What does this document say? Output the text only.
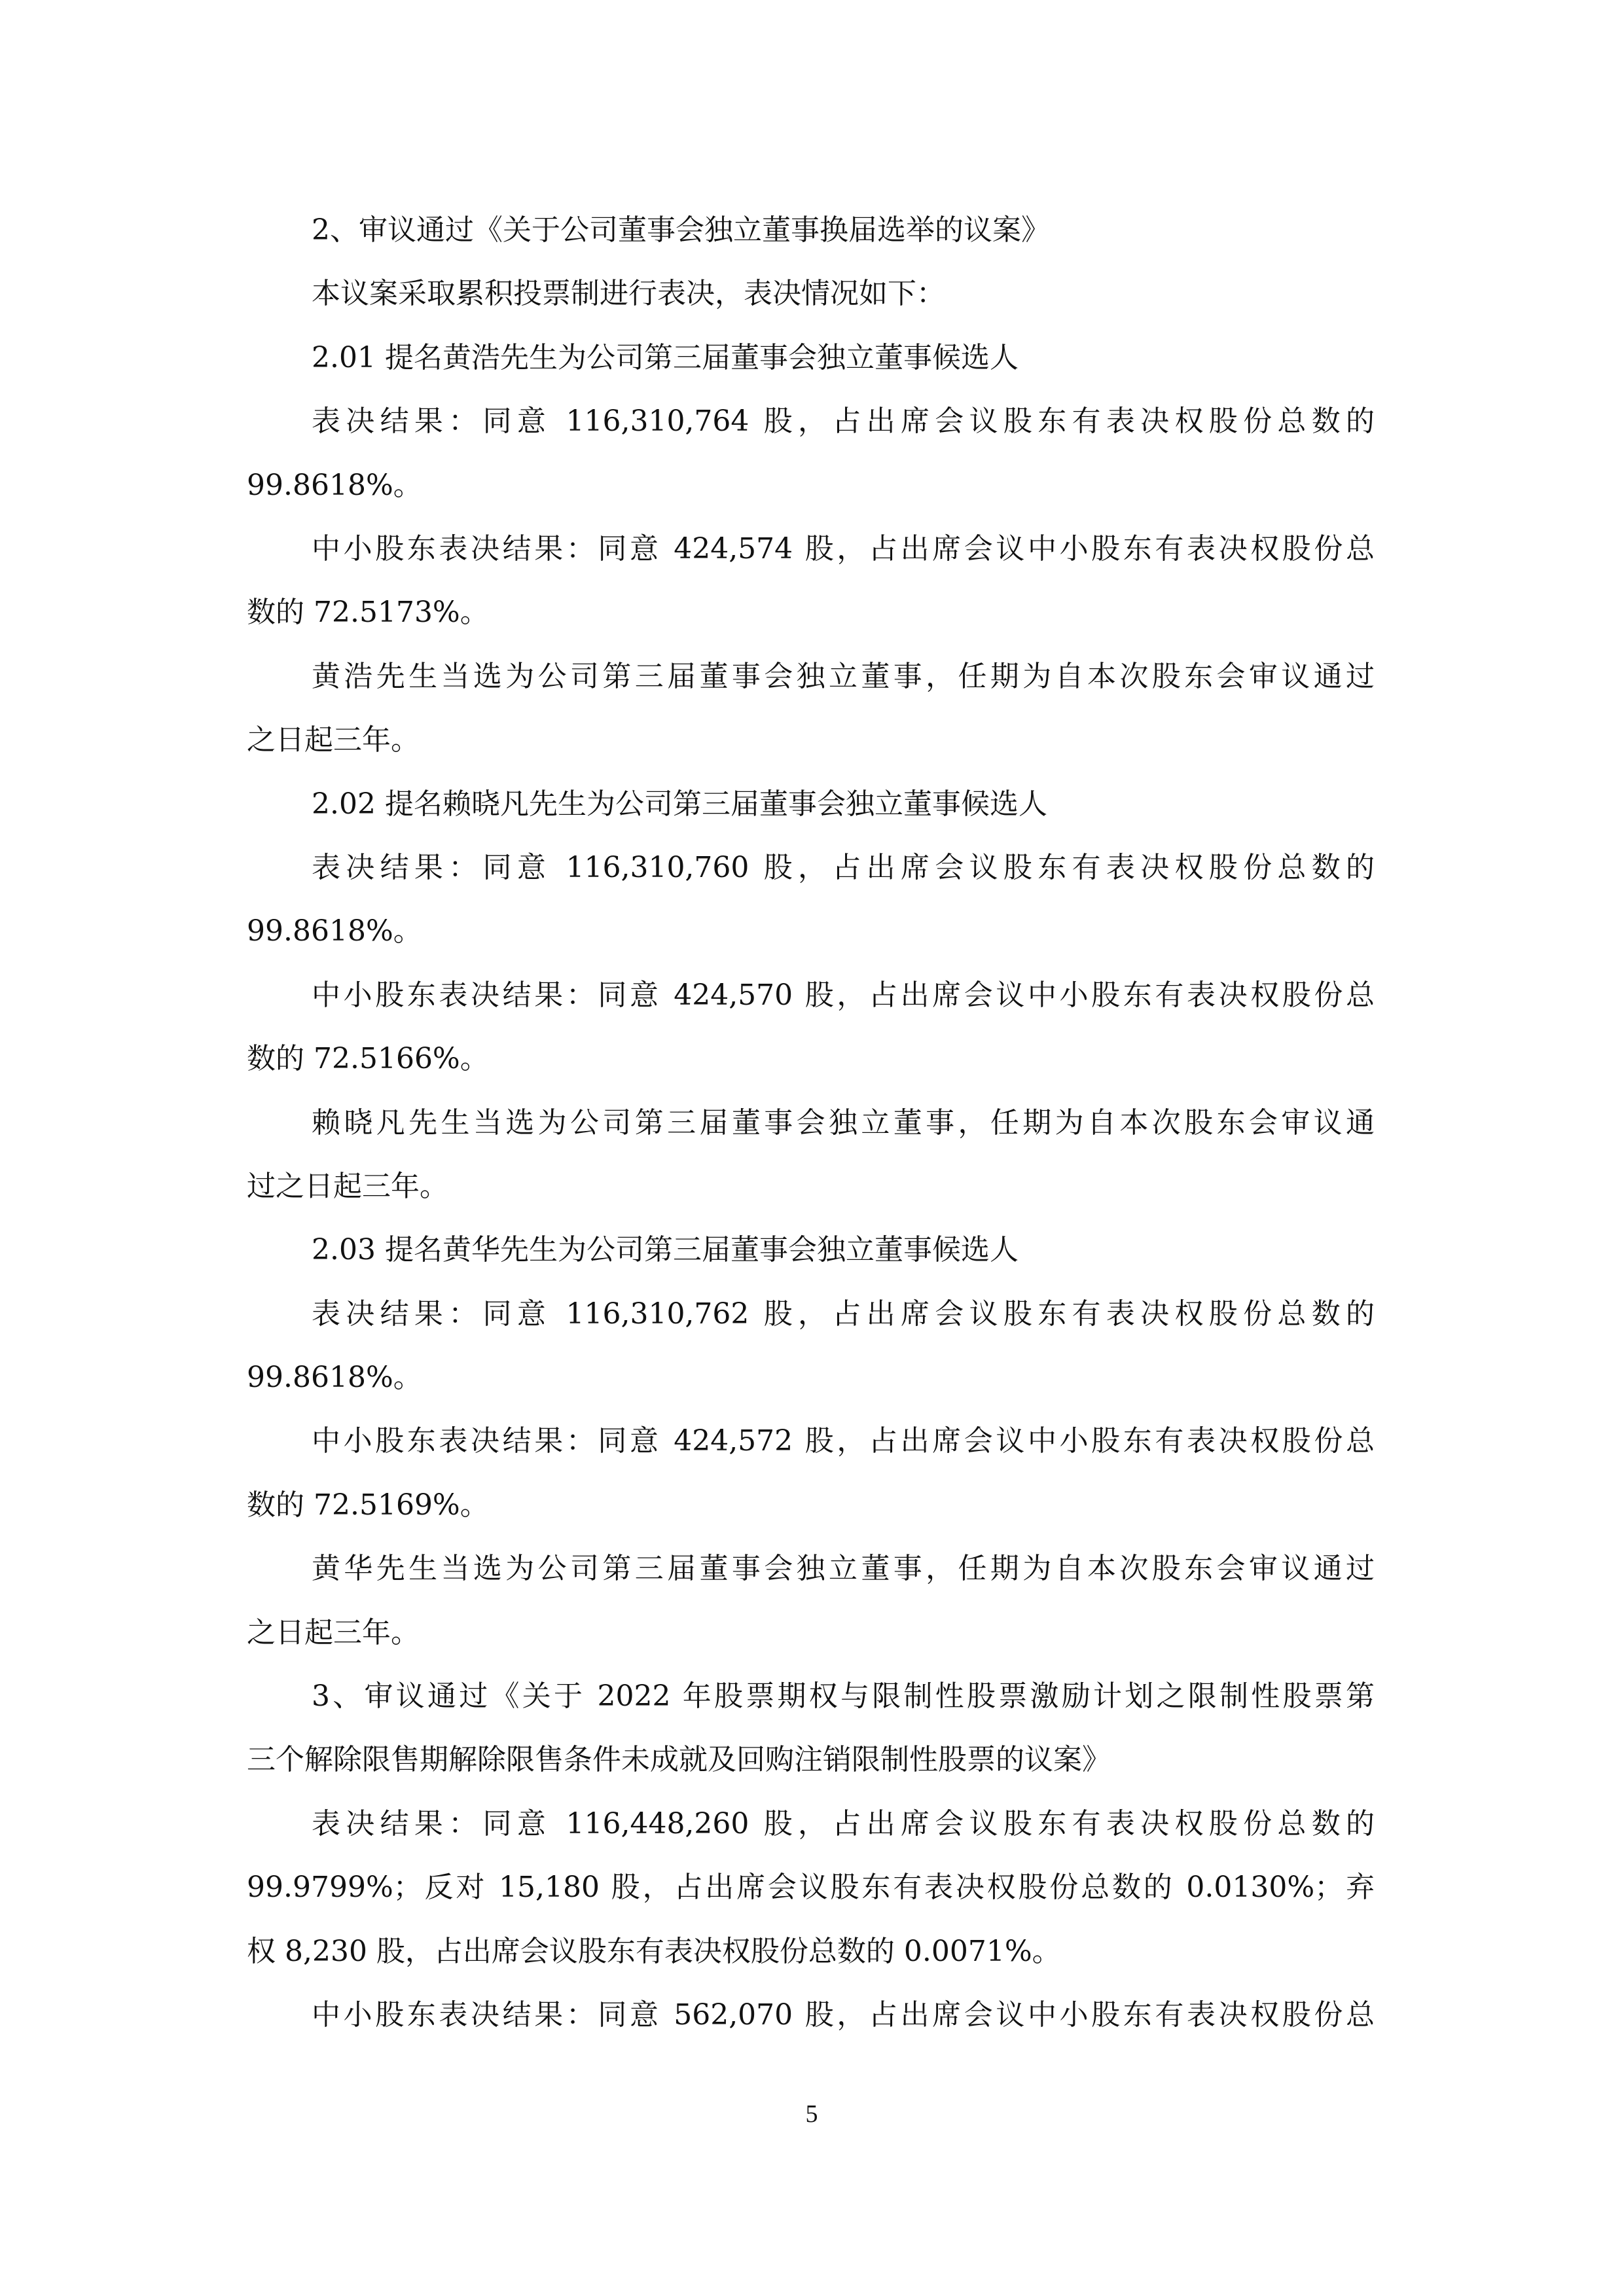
2、审议通过《关于公司董事会独立董事换届选举的议案》
本议案采取累积投票制进行表决，表决情况如下：
2.01 提名黄浩先生为公司第三届董事会独立董事候选人
表决结果：同意 116,310,764 股，占出席会议股东有表决权股份总数的
99.8618%。
中小股东表决结果：同意 424,574 股，占出席会议中小股东有表决权股份总
数的 72.5173%。
黄浩先生当选为公司第三届董事会独立董事，任期为自本次股东会审议通过
之日起三年。
2.02 提名赖晓凡先生为公司第三届董事会独立董事候选人
表决结果：同意 116,310,760 股，占出席会议股东有表决权股份总数的
99.8618%。
中小股东表决结果：同意 424,570 股，占出席会议中小股东有表决权股份总
数的 72.5166%。
赖晓凡先生当选为公司第三届董事会独立董事，任期为自本次股东会审议通
过之日起三年。
2.03 提名黄华先生为公司第三届董事会独立董事候选人
表决结果：同意 116,310,762 股，占出席会议股东有表决权股份总数的
99.8618%。
中小股东表决结果：同意 424,572 股，占出席会议中小股东有表决权股份总
数的 72.5169%。
黄华先生当选为公司第三届董事会独立董事，任期为自本次股东会审议通过
之日起三年。
3、审议通过《关于 2022 年股票期权与限制性股票激励计划之限制性股票第
三个解除限售期解除限售条件未成就及回购注销限制性股票的议案》
表决结果：同意 116,448,260 股，占出席会议股东有表决权股份总数的
99.9799%；反对 15,180 股，占出席会议股东有表决权股份总数的 0.0130%；弃
权 8,230 股，占出席会议股东有表决权股份总数的 0.0071%。
中小股东表决结果：同意 562,070 股，占出席会议中小股东有表决权股份总
5
